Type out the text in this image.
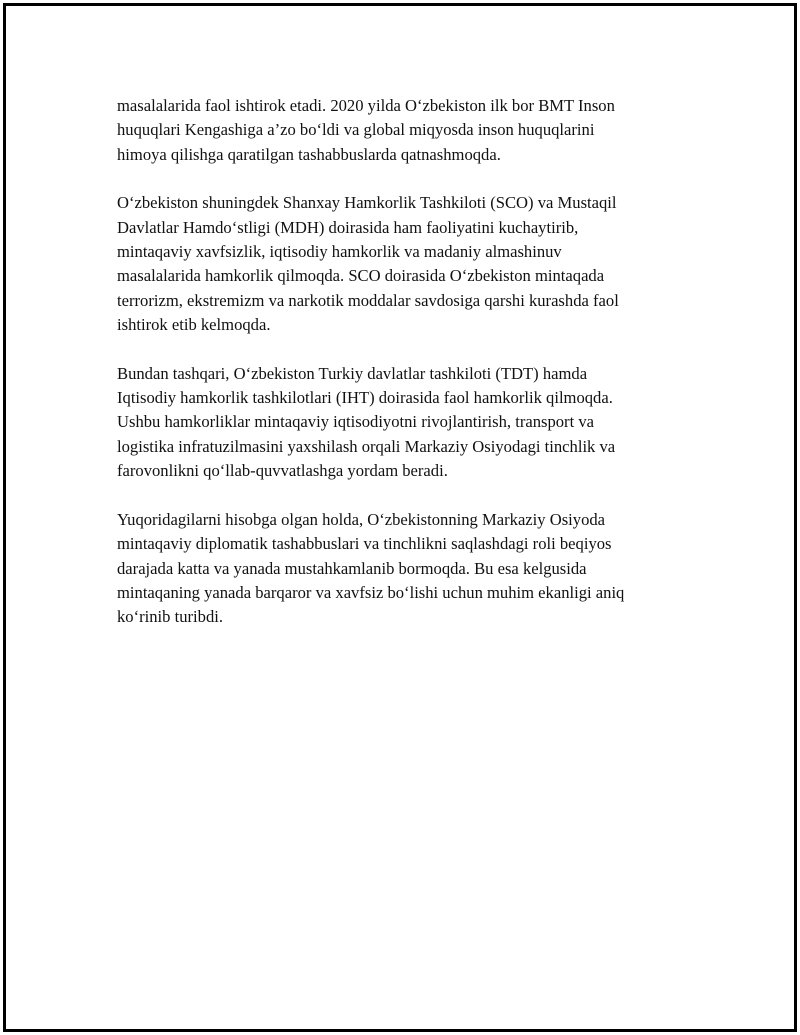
masalalarida faol ishtirok etadi. 2020 yilda O‘zbekiston ilk bor BMT Inson
huquqlari Kengashiga a’zo bo‘ldi va global miqyosda inson huquqlarini
himoya qilishga qaratilgan tashabbuslarda qatnashmoqda.

O‘zbekiston shuningdek Shanxay Hamkorlik Tashkiloti (SCO) va Mustaqil
Davlatlar Hamdo‘stligi (MDH) doirasida ham faoliyatini kuchaytirib,
mintaqaviy xavfsizlik, iqtisodiy hamkorlik va madaniy almashinuv
masalalarida hamkorlik qilmoqda. SCO doirasida O‘zbekiston mintaqada
terrorizm, ekstremizm va narkotik moddalar savdosiga qarshi kurashda faol
ishtirok etib kelmoqda.

Bundan tashqari, O‘zbekiston Turkiy davlatlar tashkiloti (TDT) hamda
Iqtisodiy hamkorlik tashkilotlari (IHT) doirasida faol hamkorlik qilmoqda.
Ushbu hamkorliklar mintaqaviy iqtisodiyotni rivojlantirish, transport va
logistika infratuzilmasini yaxshilash orqali Markaziy Osiyodagi tinchlik va
farovonlikni qo‘llab-quvvatlashga yordam beradi.

Yuqoridagilarni hisobga olgan holda, O‘zbekistonning Markaziy Osiyoda
mintaqaviy diplomatik tashabbuslari va tinchlikni saqlashdagi roli beqiyos
darajada katta va yanada mustahkamlanib bormoqda. Bu esa kelgusida
mintaqaning yanada barqaror va xavfsiz bo‘lishi uchun muhim ekanligi aniq
ko‘rinib turibdi.
